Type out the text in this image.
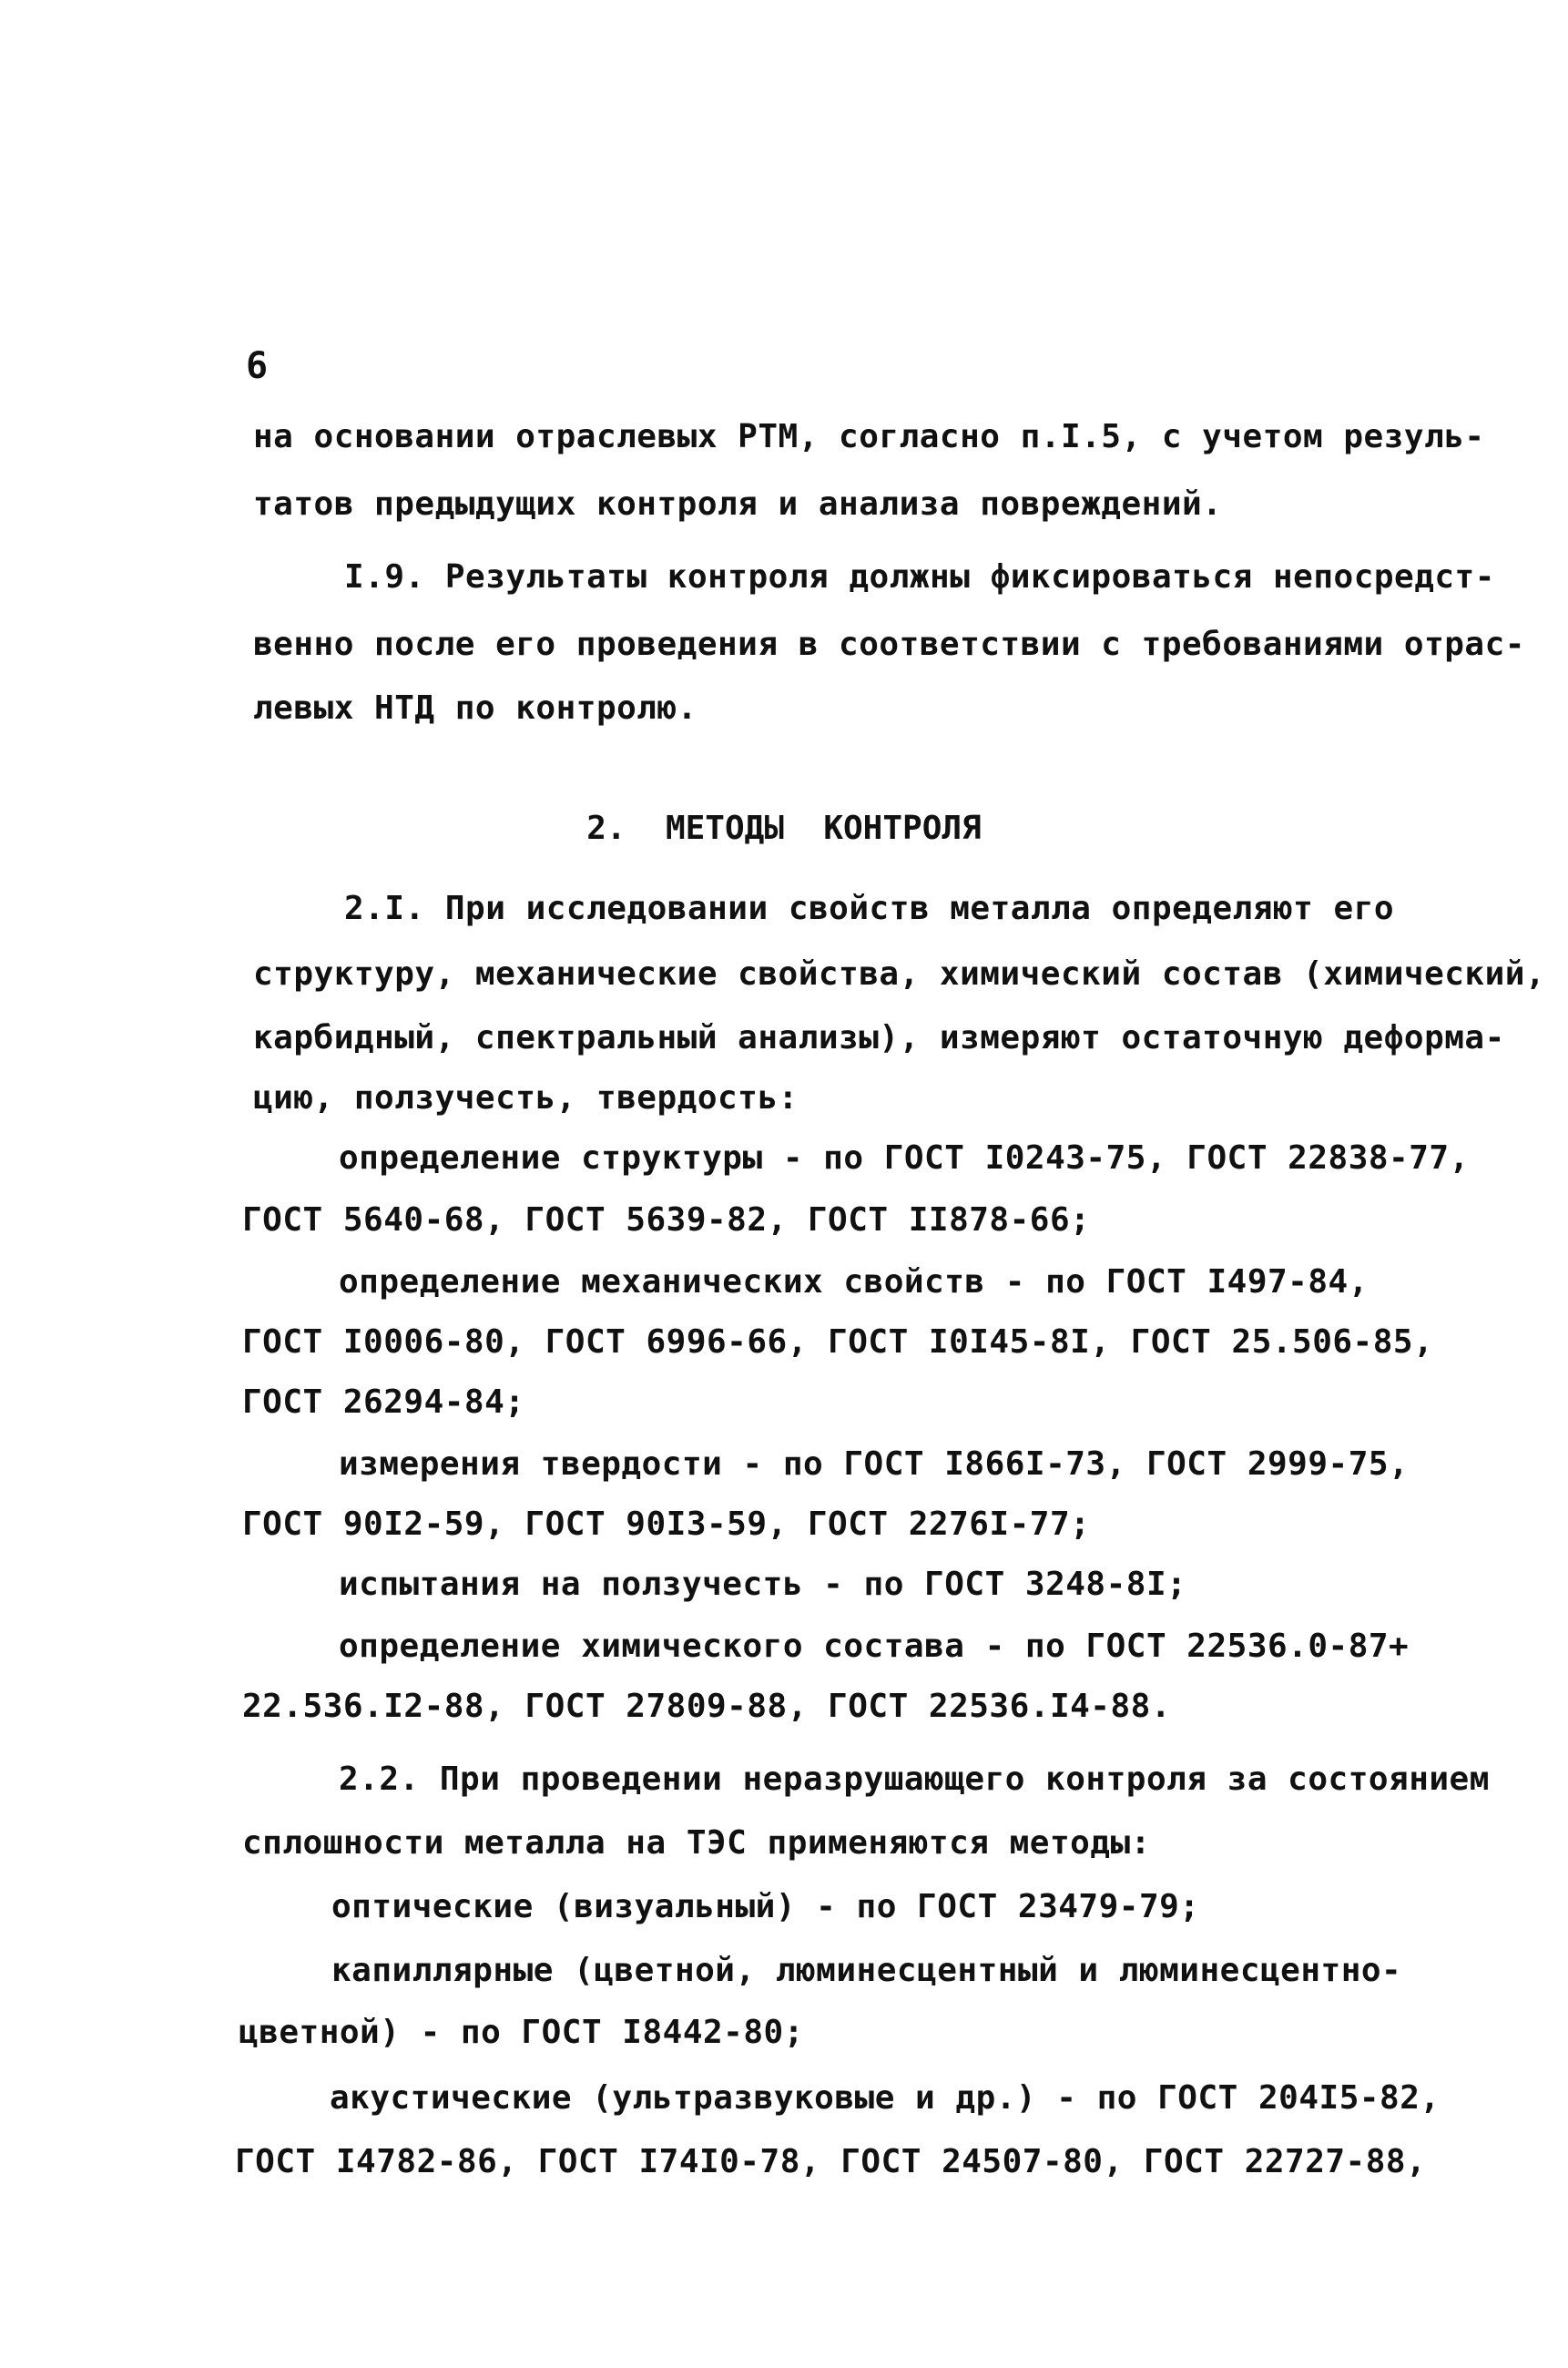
6

на основании отраслевых РТМ, согласно п.I.5, с учетом резуль-

татов предыдущих контроля и анализа повреждений.

I.9. Результаты контроля должны фиксироваться непосредст-

венно после его проведения в соответствии с требованиями отрас-

левых НТД по контролю.

2.  МЕТОДЫ  КОНТРОЛЯ

2.I. При исследовании свойств металла определяют его

структуру, механические свойства, химический состав (химический,

карбидный, спектральный анализы), измеряют остаточную деформа-

цию, ползучесть, твердость:

определение структуры - по ГОСТ I0243-75, ГОСТ 22838-77,

ГОСТ 5640-68, ГОСТ 5639-82, ГОСТ II878-66;

определение механических свойств - по ГОСТ I497-84,

ГОСТ I0006-80, ГОСТ 6996-66, ГОСТ I0I45-8I, ГОСТ 25.506-85,

ГОСТ 26294-84;

измерения твердости - по ГОСТ I866I-73, ГОСТ 2999-75,

ГОСТ 90I2-59, ГОСТ 90I3-59, ГОСТ 2276I-77;

испытания на ползучесть - по ГОСТ 3248-8I;

определение химического состава - по ГОСТ 22536.0-87+

22.536.I2-88, ГОСТ 27809-88, ГОСТ 22536.I4-88.

2.2. При проведении неразрушающего контроля за состоянием

сплошности металла на ТЭС применяются методы:

оптические (визуальный) - по ГОСТ 23479-79;

капиллярные (цветной, люминесцентный и люминесцентно-

цветной) - по ГОСТ I8442-80;

акустические (ультразвуковые и др.) - по ГОСТ 204I5-82,

ГОСТ I4782-86, ГОСТ I74I0-78, ГОСТ 24507-80, ГОСТ 22727-88,
